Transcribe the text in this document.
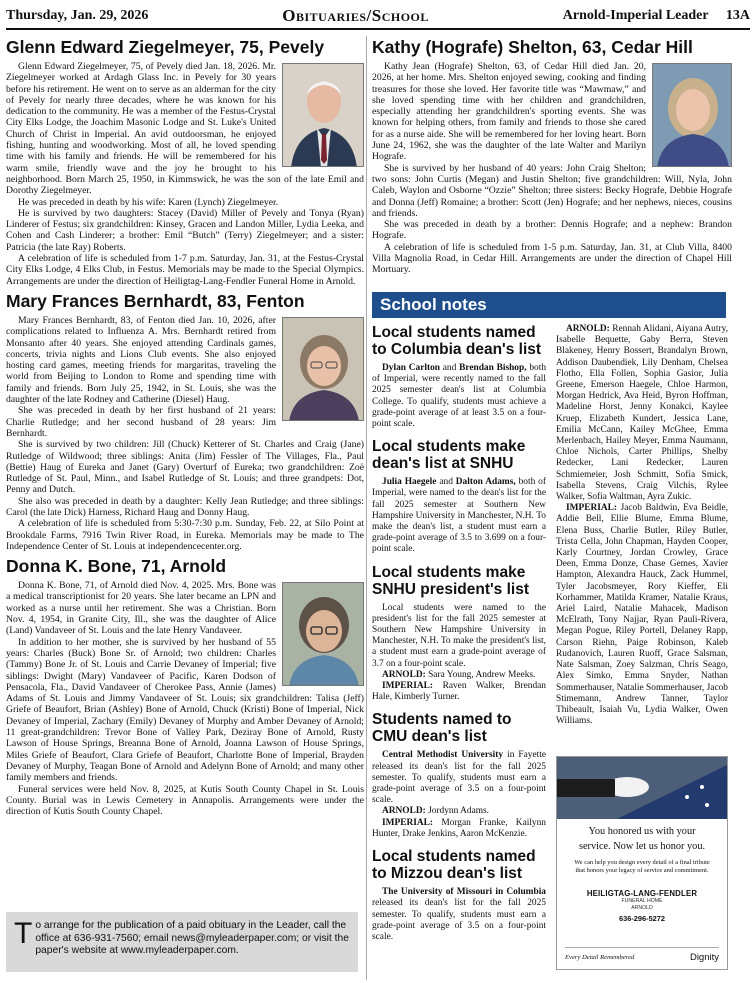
Thursday, Jan. 29, 2026	Obituaries/School	Arnold-Imperial Leader 13A
Glenn Edward Ziegelmeyer, 75, Pevely

Glenn Edward Ziegelmeyer, 75, of Pevely died Jan. 18, 2026. Mr. Ziegelmeyer worked at Ardagh Glass Inc. in Pevely for 30 years before his retirement. He went on to serve as an alderman for the city of Pevely for nearly three decades, where he was known for his dedication to the community. He was a member of the Festus-Crystal City Elks Lodge, the Joachim Masonic Lodge and St. Luke's United Church of Christ in Imperial. An avid outdoorsman, he enjoyed fishing, hunting and woodworking. Most of all, he loved spending time with his family and friends. He will be remembered for his warm smile, friendly wave and the joy he brought to his neighborhood. Born March 25, 1950, in Kimmswick, he was the son of the late Emil and Dorothy Ziegelmeyer.

He was preceded in death by his wife: Karen (Lynch) Ziegelmeyer.

He is survived by two daughters: Stacey (David) Miller of Pevely and Tonya (Ryan) Linderer of Festus; six grandchildren: Kinsey, Gracen and Landon Miller, Lydia Leeka, and Cohen and Cash Linderer; a brother: Emil “Butch” (Terry) Ziegelmeyer; and a sister: Patricia (the late Ray) Roberts.

A celebration of life is scheduled from 1-7 p.m. Saturday, Jan. 31, at the Festus-Crystal City Elks Lodge, 4 Elks Club, in Festus. Memorials may be made to the Special Olympics. Arrangements are under the direction of Heiligtag-Lang-Fendler Funeral Home in Arnold.

Mary Frances Bernhardt, 83, Fenton

Mary Frances Bernhardt, 83, of Fenton died Jan. 10, 2026, after complications related to Influenza A. Mrs. Bernhardt retired from Monsanto after 40 years. She enjoyed attending Cardinals games, concerts, trivia nights and Lions Club events. She also enjoyed hosting card games, meeting friends for margaritas, traveling the world from Beijing to London to Rome and spending time with family and friends. Born July 25, 1942, in St. Louis, she was the daughter of the late Rodney and Catherine (Diesel) Haug.

She was preceded in death by her first husband of 21 years: Charlie Rutledge; and her second husband of 28 years: Jim Bernhardt.

She is survived by two children: Jill (Chuck) Ketterer of St. Charles and Craig (Jane) Rutledge of Wildwood; three siblings: Anita (Jim) Fessler of The Villages, Fla., Paul (Bettie) Haug of Eureka and Janet (Gary) Overturf of Eureka; two grandchildren: Zoë Rutledge of St. Paul, Minn., and Isabel Rutledge of St. Louis; and three grandpets: Dot, Penny and Dutch.

She also was preceded in death by a daughter: Kelly Jean Rutledge; and three siblings: Carol (the late Dick) Harness, Richard Haug and Donny Haug.

A celebration of life is scheduled from 5:30-7:30 p.m. Sunday, Feb. 22, at Silo Point at Brookdale Farms, 7916 Twin River Road, in Eureka. Memorials may be made to The Independence Center of St. Louis at independencecenter.org.

Donna K. Bone, 71, Arnold

Donna K. Bone, 71, of Arnold died Nov. 4, 2025. Mrs. Bone was a medical transcriptionist for 20 years. She later became an LPN and worked as a nurse until her retirement. She was a Christian. Born Nov. 4, 1954, in Granite City, Ill., she was the daughter of Alice (Land) Vandaveer of St. Louis and the late Henry Vandaveer.

In addition to her mother, she is survived by her husband of 55 years: Charles (Buck) Bone Sr. of Arnold; two children: Charles (Tammy) Bone Jr. of St. Louis and Carrie Devaney of Imperial; five siblings: Dwight (Mary) Vandaveer of Pacific, Karen Dodson of Pensacola, Fla., David Vandaveer of Cherokee Pass, Annie (James) Adams of St. Louis and Jimmy Vandaveer of St. Louis; six grandchildren: Talisa (Jeff) Griefe of Beaufort, Brian (Ashley) Bone of Arnold, Chuck (Kristi) Bone of Imperial, Nick Devaney of Imperial, Zachary (Emily) Devaney of Murphy and Amber Devaney of Arnold; 11 great-grandchildren: Trevor Bone of Valley Park, Deziray Bone of Arnold, Rusty Lawson of House Springs, Breanna Bone of Arnold, Joanna Lawson of House Springs, Miles Griefe of Beaufort, Clara Griefe of Beaufort, Charlotte Bone of Imperial, Brayden Devaney of Murphy, Teagan Bone of Arnold and Adelynn Bone of Arnold; and many other family members and friends.

Funeral services were held Nov. 8, 2025, at Kutis South County Chapel in St. Louis County. Burial was in Lewis Cemetery in Annapolis. Arrangements were under the direction of Kutis South County Chapel.

To arrange for the publication of a paid obituary in the Leader, call the office at 636-931-7560; email news@myleaderpaper.com; or visit the paper's website at www.myleaderpaper.com.
Kathy (Hografe) Shelton, 63, Cedar Hill

Kathy Jean (Hografe) Shelton, 63, of Cedar Hill died Jan. 20, 2026, at her home. Mrs. Shelton enjoyed sewing, cooking and finding treasures for those she loved. Her favorite title was “Mawmaw,” and she loved spending time with her children and grandchildren, especially attending her grandchildren's sporting events. She was known for helping others, from family and friends to those she cared for as a nurse aide. She will be remembered for her loving heart. Born June 24, 1962, she was the daughter of the late Walter and Marilyn Hografe.

She is survived by her husband of 40 years: John Craig Shelton; two sons: John Curtis (Megan) and Justin Shelton; five grandchildren: Will, Nyla, John Caleb, Waylon and Osborne “Ozzie” Shelton; three sisters: Becky Hografe, Debbie Hografe and Donna (Jeff) Romaine; a brother: Scott (Jen) Hografe; and her nephews, nieces, cousins and friends.

She was preceded in death by a brother: Dennis Hografe; and a nephew: Brandon Hografe.

A celebration of life is scheduled from 1-5 p.m. Saturday, Jan. 31, at Club Villa, 8400 Villa Magnolia Road, in Cedar Hill. Arrangements are under the direction of Chapel Hill Mortuary.

School notes
Local students named to Columbia dean's list

Dylan Carlton and Brendan Bishop, both of Imperial, were recently named to the fall 2025 semester dean's list at Columbia College. To qualify, students must achieve a grade-point average of at least 3.5 on a four-point scale.

Local students make dean's list at SNHU

Julia Haegele and Dalton Adams, both of Imperial, were named to the dean's list for the fall 2025 semester at Southern New Hampshire University in Manchester, N.H. To make the dean's list, a student must earn a grade-point average of 3.5 to 3.699 on a four-point scale.

Local students make SNHU president's list

Local students were named to the president's list for the fall 2025 semester at Southern New Hampshire University in Manchester, N.H. To make the president's list, a student must earn a grade-point average of 3.7 on a four-point scale.

ARNOLD: Sara Young, Andrew Meeks.

IMPERIAL: Raven Walker, Brendan Hale, Kimberly Turner.

Students named to CMU dean's list

Central Methodist University in Fayette released its dean's list for the fall 2025 semester. To qualify, students must earn a grade-point average of 3.5 on a four-point scale.

ARNOLD: Jordynn Adams.

IMPERIAL: Morgan Franke, Kailynn Hunter, Drake Jenkins, Aaron McKenzie.

Local students named to Mizzou dean's list

The University of Missouri in Columbia released its dean's list for the fall 2025 semester. To qualify, students must earn a grade-point average of 3.5 on a four-point scale.

ARNOLD: Rennah Alidani, Aiyana Autry, Isabelle Bequette, Gaby Berra, Steven Blakeney, Henry Bossert, Brandalyn Brown, Addison Daubendiek, Lily Denham, Chelsea Flotho, Ella Follen, Sophia Gasior, Julia Greene, Emerson Haegele, Chloe Harmon, Morgan Hedrick, Ava Heid, Byron Hoffman, Madeline Horst, Jenny Konakci, Kaylee Kruep, Elizabeth Kundert, Jessica Lane, Emilia McCann, Kailey McGhee, Emma Merlenbach, Hailey Meyer, Emma Naumann, Chloe Nichols, Carter Phillips, Shelby Redecker, Lani Redecker, Lauren Schmiemeier, Josh Schmitt, Sofia Smick, Isabella Stevens, Craig Vilchis, Rylee Walker, Sofia Waltman, Ayra Zukic.

IMPERIAL: Jacob Baldwin, Eva Beidle, Addie Bell, Ellie Blume, Emma Blume, Elena Buss, Charlie Butler, Riley Butler, Trista Cella, John Chapman, Hayden Cooper, Karly Courtney, Jordan Crowley, Grace Deen, Emma Donze, Chase Gemes, Xavier Hampton, Alexandra Hauck, Zack Hummel, Tyler Jacobsmeyer, Rory Kieffer, Eli Korhammer, Matilda Kramer, Natalie Kraus, Ariel Laird, Natalie Mahacek, Madison McElrath, Tony Najjar, Ryan Pauli-Rivera, Megan Pogue, Riley Portell, Delaney Rapp, Carson Riehn, Paige Robinson, Kaleb Rudanovich, Lauren Ruoff, Grace Salsman, Nate Salsman, Zoey Salzman, Chris Seago, Alex Simko, Emma Snyder, Nathan Sommerhauser, Natalie Sommerhauser, Jacob Stimemann, Andrew Tanner, Taylor Thibeault, Isaiah Vu, Lydia Walker, Owen Williams.

You honored us with your
service. Now let us honor you.
We can help you design every detail of a final tribute that honors your legacy of service and commitment.
HEILIGTAG-LANG-FENDLER
FUNERAL HOME
ARNOLD
636-296-5272
Every Detail Remembered	Dignity
